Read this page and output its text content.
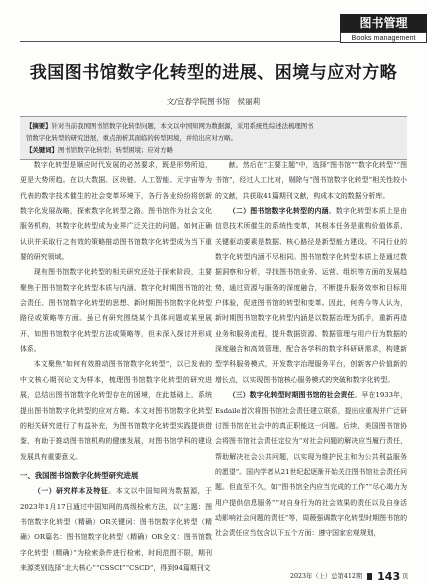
图书管理
Books management
我国图书馆数字化转型的进展、困境与应对方略
文/宜春学院图书馆　侯丽莉
【摘要】针对当前我国图书馆数字化转型问题，本文以中国知网为数据源，采用系统性综述法梳理图书
馆数字化转型的研究进展，重点剖析其面临的转型困境，并给出应对方略。
【关键词】图书馆数字化转型；转型困境；应对方略

数字化转型是顺应时代发展的必然要求，既是形势所迫，更是大势所趋。在以大数据、区块链、人工智能、元宇宙等为代表的数字技术催生的社会变革环境下，各行各业纷纷将创新数字化发展战略，探索数字化转型之路。图书馆作为社会文化服务机构，其数字化转型成为业界广泛关注的问题。如何正确认识并采取行之有效的策略推动图书馆数字化转型成为当下重要的研究领域。

现有图书馆数字化转型的相关研究还处于探索阶段，主要聚焦于图书馆数字化转型本质与内涵、数字化时期图书馆的社会责任、图书馆数字化转型的思想、新时期图书馆数字化转型路径或策略等方面。虽已有研究围绕某个具体问题或某里展开，如图书馆数字化转型方法或策略等，但未深入探讨并形成体系。

本文聚焦“如何有效推动图书馆数字化转型”，以已发表的中文核心期刊论文为样本，梳理图书馆数字化转型的研究进展，总结出图书馆数字化转型存在的困境，在此基础上，系统提出图书馆数字化转型的应对方略。本文对图书馆数字化转型的相关研究进行了有益补充，为图书馆数字化转型实践提供借鉴，有助于推动图书馆机构的健康发展，对图书馆学科的建设发展具有重要意义。

一、我国图书馆数字化转型研究进展

（一）研究样本及特征。本文以中国知网为数据源，于2023年1月17日通过中国知网的高级检索方法，以“主题：图书馆数字化转型（精确）OR关键词：图书馆数字化转型（精确）OR篇名：图书馆数字化转型（精确）OR全文：图书馆数字化转型（精确）”为检索条件进行检索，时间范围不限，期刊来源类别选择“北大核心”“CSSCI”“CSCD”，得到94篇期刊文

献。然后在“主要主题”中，选择“图书馆”“数字化转型”“图书馆”，经过人工比对，剔除与“图书馆数字化转型”相关性较小的文献，共获取41篇期刊文献，构成本文的数据分析库。

（二）图书馆数字化转型的内涵。数字化转型本质上是由信息技术所催生的系统性变革，其根本任务是重构价值体系、关键驱动要素是数据、核心路径是新型能力建设。不同行业的数字化转型内涵不尽相同。图书馆数字化转型本质上是通过数据洞察和分析，寻找图书馆业务、运营、组织等方面的发展趋势，通过资源与服务的深度融合，不断提升服务效率和目标用户体验，促进图书馆的转型和变革。因此，何秀今等人认为，新时期图书馆数字化转型内涵是以数据治理为抓手，重新再造业务和服务流程，提升数据资源、数据管理与用户行为数据的深度融合和高效管理，配合各学科的数字科研研需求，构建新型学科服务模式，开发数字治理服务平台，创新客户价值新的增长点，以实现图书馆核心服务模式的突破和数字化转型。

（三）数字化转型时期图书馆的社会责任。早在1933年，Esdaile首次将图书馆社会责任建立联系，提出应重视并广泛研讨图书馆在社会中的真正职能这一问题。后续，美国图书馆协会将图书馆社会责任定位为“对社会问题的解决应当履行责任，帮助解决社会公共问题，以实现为维护民主和为公共利益服务的愿望”。国内学者从21世纪起逐渐开始关注图书馆社会责任问题。但直至不久，如“图书馆全内应当完成的工作”“尽心竭力为用户提供信息服务”“对自身行为的社会效果的责任以及自身活动影响社会问题的责任”等，周薇强调数字化转型时期图书馆的社会责任应当包含以下五个方面：遵守国家宏观规划，

2023年（上）总第412期 143 页
